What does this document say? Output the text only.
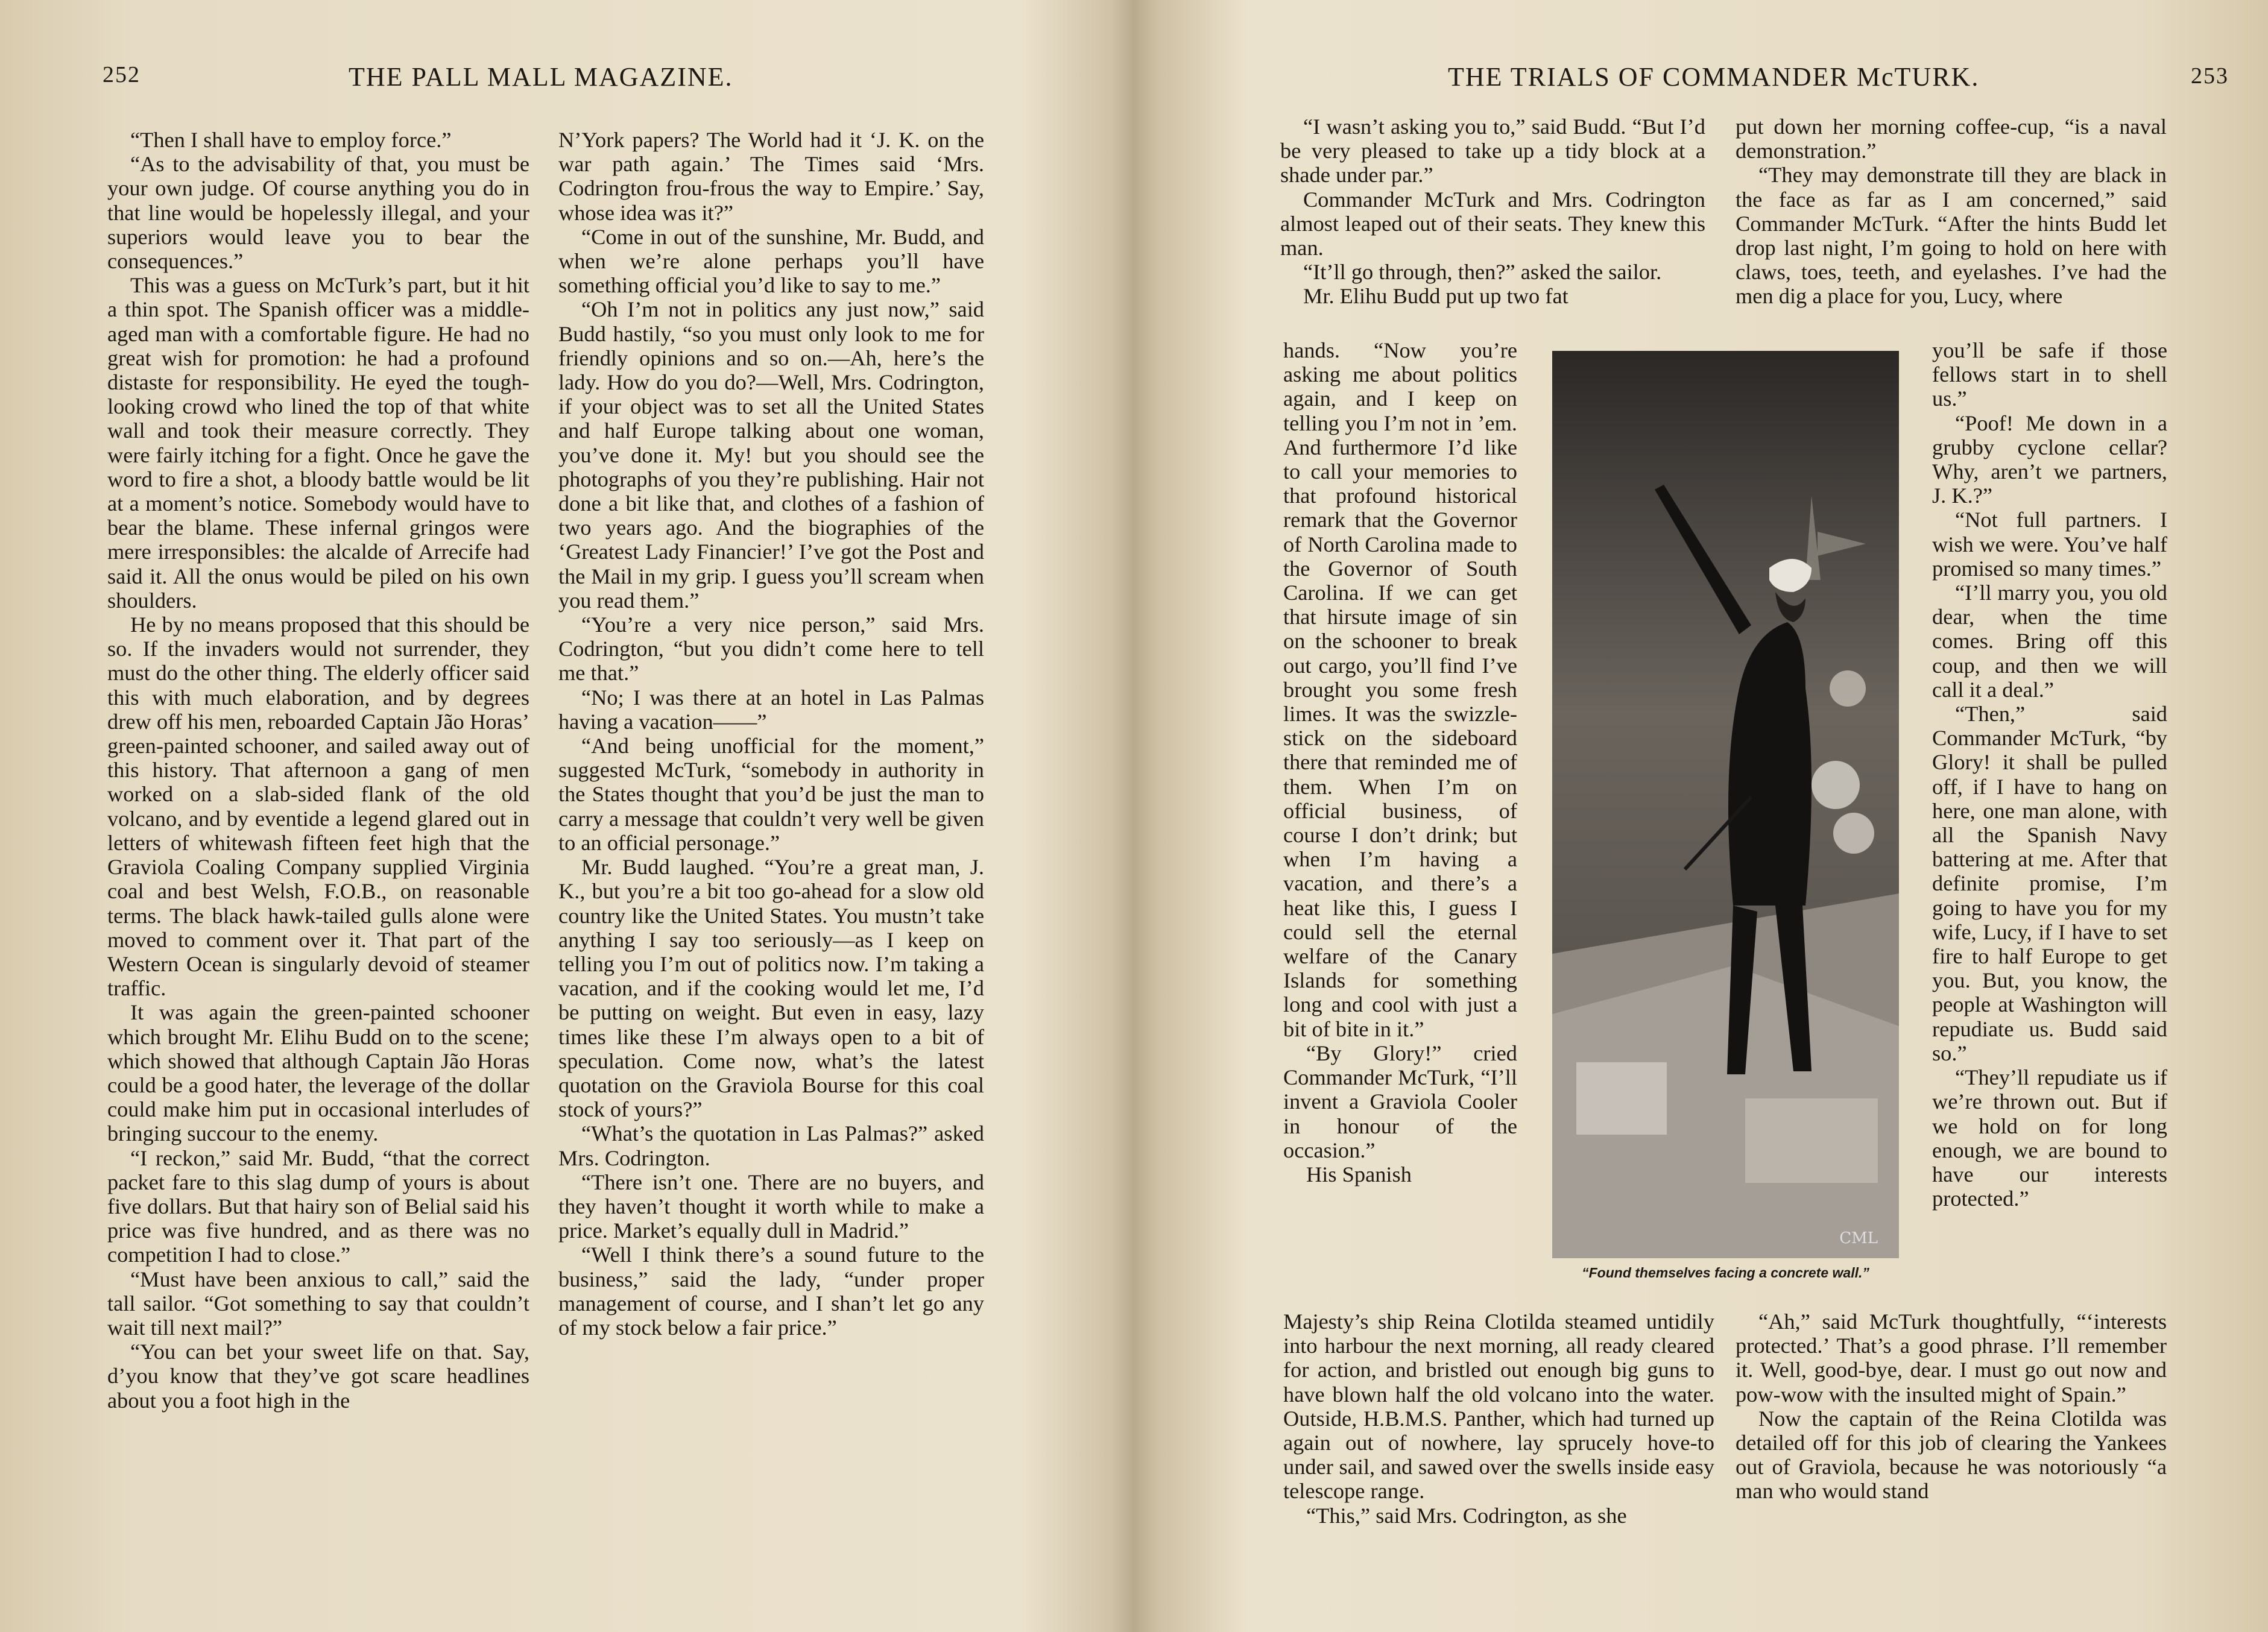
252	THE PALL MALL MAGAZINE.

“Then I shall have to employ force.”

“As to the advisability of that, you must be your own judge. Of course anything you do in that line would be hopelessly illegal, and your superiors would leave you to bear the consequences.”

This was a guess on McTurk’s part, but it hit a thin spot. The Spanish officer was a middle-aged man with a comfortable figure. He had no great wish for promotion: he had a profound distaste for responsibility. He eyed the tough-looking crowd who lined the top of that white wall and took their measure correctly. They were fairly itching for a fight. Once he gave the word to fire a shot, a bloody battle would be lit at a moment’s notice. Somebody would have to bear the blame. These infernal gringos were mere irresponsibles: the alcalde of Arrecife had said it. All the onus would be piled on his own shoulders.

He by no means proposed that this should be so. If the invaders would not surrender, they must do the other thing. The elderly officer said this with much elaboration, and by degrees drew off his men, reboarded Captain Jão Horas’ green-painted schooner, and sailed away out of this history. That afternoon a gang of men worked on a slab-sided flank of the old volcano, and by eventide a legend glared out in letters of whitewash fifteen feet high that the Graviola Coaling Company supplied Virginia coal and best Welsh, F.O.B., on reasonable terms. The black hawk-tailed gulls alone were moved to comment over it. That part of the Western Ocean is singularly devoid of steamer traffic.

It was again the green-painted schooner which brought Mr. Elihu Budd on to the scene; which showed that although Captain Jão Horas could be a good hater, the leverage of the dollar could make him put in occasional interludes of bringing succour to the enemy.

“I reckon,” said Mr. Budd, “that the correct packet fare to this slag dump of yours is about five dollars. But that hairy son of Belial said his price was five hundred, and as there was no competition I had to close.”

“Must have been anxious to call,” said the tall sailor. “Got something to say that couldn’t wait till next mail?”

“You can bet your sweet life on that. Say, d’you know that they’ve got scare headlines about you a foot high in the

N’York papers? The World had it ‘J. K. on the war path again.’ The Times said ‘Mrs. Codrington frou-frous the way to Empire.’ Say, whose idea was it?”

“Come in out of the sunshine, Mr. Budd, and when we’re alone perhaps you’ll have something official you’d like to say to me.”

“Oh I’m not in politics any just now,” said Budd hastily, “so you must only look to me for friendly opinions and so on.—Ah, here’s the lady. How do you do?—Well, Mrs. Codrington, if your object was to set all the United States and half Europe talking about one woman, you’ve done it. My! but you should see the photographs of you they’re publishing. Hair not done a bit like that, and clothes of a fashion of two years ago. And the biographies of the ‘Greatest Lady Financier!’ I’ve got the Post and the Mail in my grip. I guess you’ll scream when you read them.”

“You’re a very nice person,” said Mrs. Codrington, “but you didn’t come here to tell me that.”

“No; I was there at an hotel in Las Palmas having a vacation——”

“And being unofficial for the moment,” suggested McTurk, “somebody in authority in the States thought that you’d be just the man to carry a message that couldn’t very well be given to an official personage.”

Mr. Budd laughed. “You’re a great man, J. K., but you’re a bit too go-ahead for a slow old country like the United States. You mustn’t take anything I say too seriously—as I keep on telling you I’m out of politics now. I’m taking a vacation, and if the cooking would let me, I’d be putting on weight. But even in easy, lazy times like these I’m always open to a bit of speculation. Come now, what’s the latest quotation on the Graviola Bourse for this coal stock of yours?”

“What’s the quotation in Las Palmas?” asked Mrs. Codrington.

“There isn’t one. There are no buyers, and they haven’t thought it worth while to make a price. Market’s equally dull in Madrid.”

“Well I think there’s a sound future to the business,” said the lady, “under proper management of course, and I shan’t let go any of my stock below a fair price.”

THE TRIALS OF COMMANDER McTURK.	253

“I wasn’t asking you to,” said Budd. “But I’d be very pleased to take up a tidy block at a shade under par.”

Commander McTurk and Mrs. Codrington almost leaped out of their seats. They knew this man.

“It’ll go through, then?” asked the sailor.

Mr. Elihu Budd put up two fat

hands. “Now you’re asking me about politics again, and I keep on telling you I’m not in ’em. And furthermore I’d like to call your memories to that profound historical remark that the Governor of North Carolina made to the Governor of South Carolina. If we can get that hirsute image of sin on the schooner to break out cargo, you’ll find I’ve brought you some fresh limes. It was the swizzle-stick on the sideboard there that reminded me of them. When I’m on official business, of course I don’t drink; but when I’m having a vacation, and there’s a heat like this, I guess I could sell the eternal welfare of the Canary Islands for something long and cool with just a bit of bite in it.”

“By Glory!” cried Commander McTurk, “I’ll invent a Graviola Cooler in honour of the occasion.”

His Spanish

Majesty’s ship Reina Clotilda steamed untidily into harbour the next morning, all ready cleared for action, and bristled out enough big guns to have blown half the old volcano into the water. Outside, H.B.M.S. Panther, which had turned up again out of nowhere, lay sprucely hove-to under sail, and sawed over the swells inside easy telescope range.

“This,” said Mrs. Codrington, as she

put down her morning coffee-cup, “is a naval demonstration.”

“They may demonstrate till they are black in the face as far as I am concerned,” said Commander McTurk. “After the hints Budd let drop last night, I’m going to hold on here with claws, toes, teeth, and eyelashes. I’ve had the men dig a place for you, Lucy, where

you’ll be safe if those fellows start in to shell us.”

“Poof! Me down in a grubby cyclone cellar? Why, aren’t we partners, J. K.?”

“Not full partners. I wish we were. You’ve half promised so many times.”

“I’ll marry you, you old dear, when the time comes. Bring off this coup, and then we will call it a deal.”

“Then,” said Commander McTurk, “by Glory! it shall be pulled off, if I have to hang on here, one man alone, with all the Spanish Navy battering at me. After that definite promise, I’m going to have you for my wife, Lucy, if I have to set fire to half Europe to get you. But, you know, the people at Washington will repudiate us. Budd said so.”

“They’ll repudiate us if we’re thrown out. But if we hold on for long enough, we are bound to have our interests protected.”

“Ah,” said McTurk thoughtfully, “‘interests protected.’ That’s a good phrase. I’ll remember it. Well, good-bye, dear. I must go out now and pow-wow with the insulted might of Spain.”

Now the captain of the Reina Clotilda was detailed off for this job of clearing the Yankees out of Graviola, because he was notoriously “a man who would stand

CML
“Found themselves facing a concrete wall.”
